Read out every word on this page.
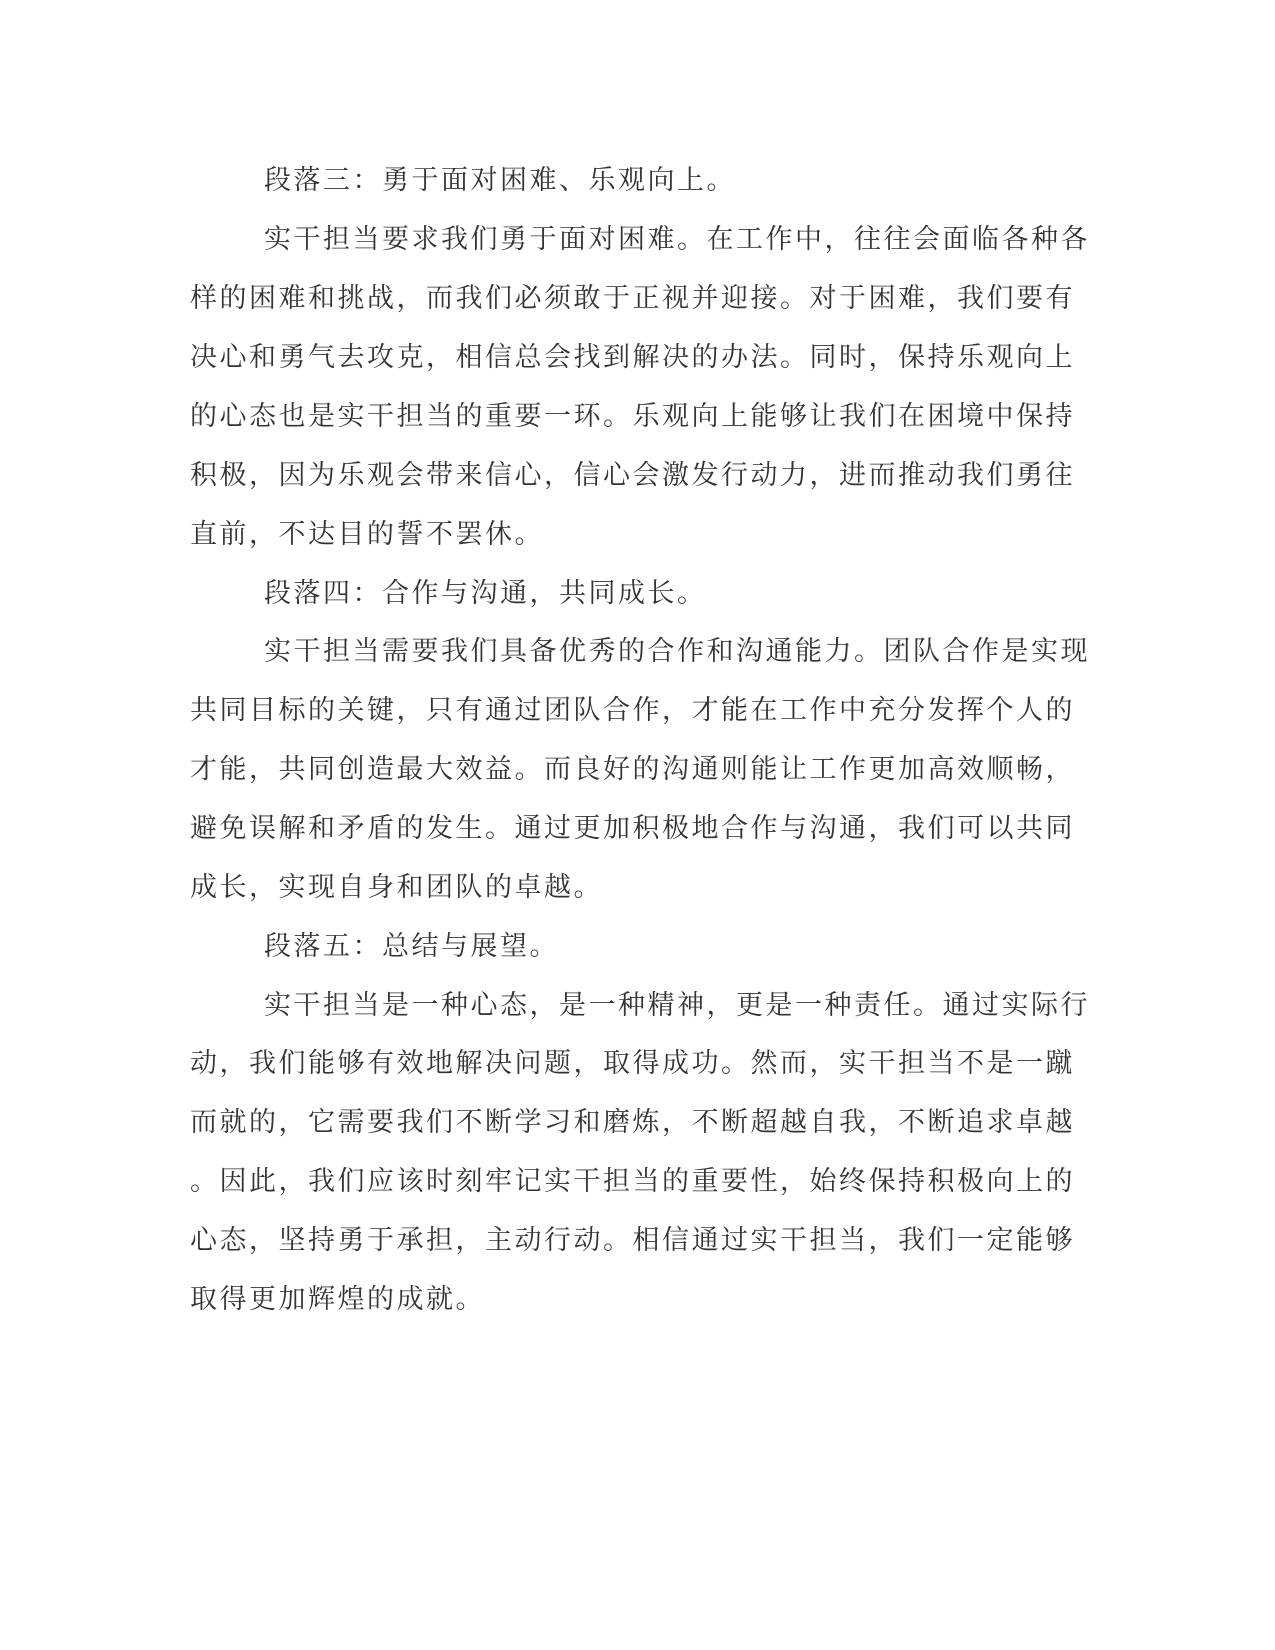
段落三：勇于面对困难、乐观向上。
实干担当要求我们勇于面对困难。在工作中，往往会面临各种各
样的困难和挑战，而我们必须敢于正视并迎接。对于困难，我们要有
决心和勇气去攻克，相信总会找到解决的办法。同时，保持乐观向上
的心态也是实干担当的重要一环。乐观向上能够让我们在困境中保持
积极，因为乐观会带来信心，信心会激发行动力，进而推动我们勇往
直前，不达目的誓不罢休。
段落四：合作与沟通，共同成长。
实干担当需要我们具备优秀的合作和沟通能力。团队合作是实现
共同目标的关键，只有通过团队合作，才能在工作中充分发挥个人的
才能，共同创造最大效益。而良好的沟通则能让工作更加高效顺畅，
避免误解和矛盾的发生。通过更加积极地合作与沟通，我们可以共同
成长，实现自身和团队的卓越。
段落五：总结与展望。
实干担当是一种心态，是一种精神，更是一种责任。通过实际行
动，我们能够有效地解决问题，取得成功。然而，实干担当不是一蹴
而就的，它需要我们不断学习和磨炼，不断超越自我，不断追求卓越
。因此，我们应该时刻牢记实干担当的重要性，始终保持积极向上的
心态，坚持勇于承担，主动行动。相信通过实干担当，我们一定能够
取得更加辉煌的成就。
